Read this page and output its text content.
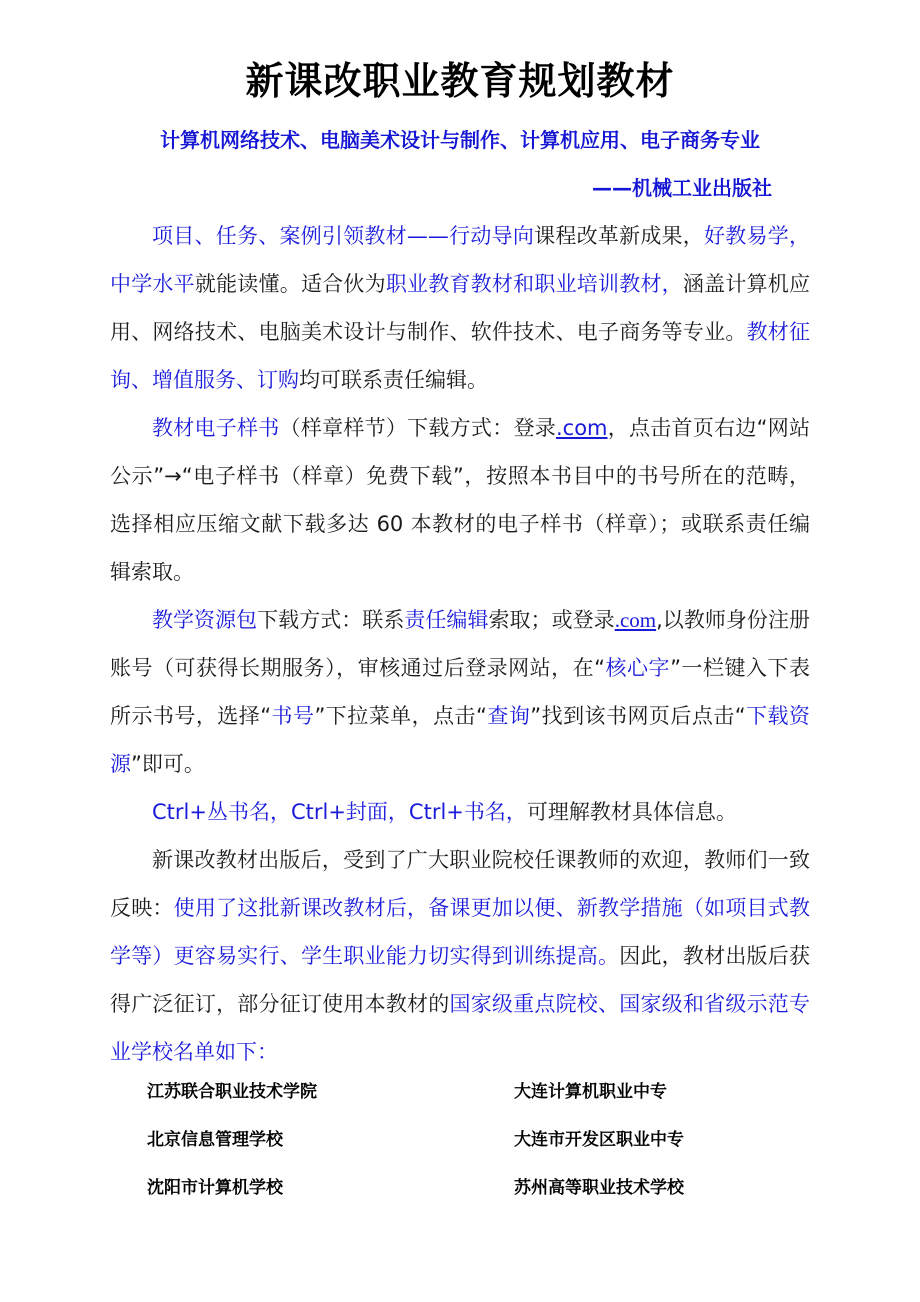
新课改职业教育规划教材
计算机网络技术、电脑美术设计与制作、计算机应用、电子商务专业
——机械工业出版社

项目、任务、案例引领教材——行动导向课程改革新成果，好教易学，中学水平就能读懂。适合伙为职业教育教材和职业培训教材，涵盖计算机应用、网络技术、电脑美术设计与制作、软件技术、电子商务等专业。教材征询、增值服务、订购均可联系责任编辑。

教材电子样书（样章样节）下载方式：登录.com，点击首页右边“网站公示”→“电子样书（样章）免费下载”，按照本书目中的书号所在的范畴，选择相应压缩文献下载多达 60 本教材的电子样书（样章）；或联系责任编辑索取。

教学资源包下载方式：联系责任编辑索取；或登录.com,以教师身份注册账号（可获得长期服务），审核通过后登录网站，在“核心字”一栏键入下表所示书号，选择“书号”下拉菜单，点击“查询”找到该书网页后点击“下载资源”即可。

Ctrl+丛书名，Ctrl+封面，Ctrl+书名，可理解教材具体信息。

新课改教材出版后，受到了广大职业院校任课教师的欢迎，教师们一致反映：使用了这批新课改教材后，备课更加以便、新教学措施（如项目式教学等）更容易实行、学生职业能力切实得到训练提高。因此，教材出版后获得广泛征订，部分征订使用本教材的国家级重点院校、国家级和省级示范专业学校名单如下：

江苏联合职业技术学院	大连计算机职业中专
北京信息管理学校	大连市开发区职业中专
沈阳市计算机学校	苏州高等职业技术学校
